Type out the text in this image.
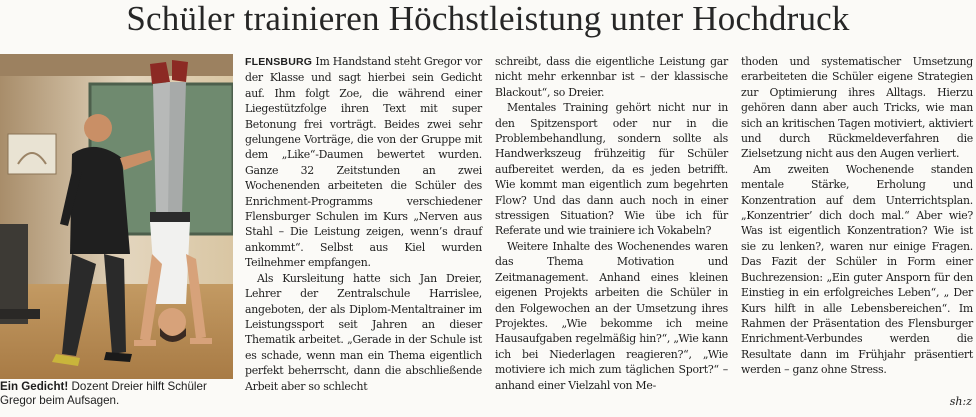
Schüler trainieren Höchstleistung unter Hochdruck
Ein Gedicht! Dozent Dreier hilft Schüler Gregor beim Aufsagen.

FLENSBURG Im Handstand steht Gregor vor der Klasse und sagt hierbei sein Gedicht auf. Ihm folgt Zoe, die während einer Liegestützfolge ihren Text mit super Betonung frei vorträgt. Beides zwei sehr gelungene Vorträge, die von der Gruppe mit dem „Like“-Daumen bewertet wurden. Ganze 32 Zeitstunden an zwei Wochenenden arbeiteten die Schüler des Enrichment-Programms verschiedener Flensburger Schulen im Kurs „Nerven aus Stahl – Die Leistung zeigen, wenn’s drauf ankommt“. Selbst aus Kiel wurden Teilnehmer empfangen.

Als Kursleitung hatte sich Jan Dreier, Lehrer der Zentralschule Harrislee, angeboten, der als Diplom-Mentaltrainer im Leistungssport seit Jahren an dieser Thematik arbeitet. „Gerade in der Schule ist es schade, wenn man ein Thema eigentlich perfekt beherrscht, dann die abschließende Arbeit aber so schlecht

schreibt, dass die eigentliche Leistung gar nicht mehr erkennbar ist – der klassische Blackout“, so Dreier.

Mentales Training gehört nicht nur in den Spitzensport oder nur in die Problembehandlung, sondern sollte als Handwerkszeug frühzeitig für Schüler aufbereitet werden, da es jeden betrifft. Wie kommt man eigentlich zum begehrten Flow? Und das dann auch noch in einer stressigen Situation? Wie übe ich für Referate und wie trainiere ich Vokabeln?

Weitere Inhalte des Wochenendes waren das Thema Motivation und Zeitmanagement. Anhand eines kleinen eigenen Projekts arbeiten die Schüler in den Folgewochen an der Umsetzung ihres Projektes. „Wie bekomme ich meine Hausaufgaben regelmäßig hin?“, „Wie kann ich bei Niederlagen reagieren?“, „Wie motiviere ich mich zum täglichen Sport?“ – anhand einer Vielzahl von Me-

thoden und systematischer Umsetzung erarbeiteten die Schüler eigene Strategien zur Optimierung ihres Alltags. Hierzu gehören dann aber auch Tricks, wie man sich an kritischen Tagen motiviert, aktiviert und durch Rückmeldeverfahren die Zielsetzung nicht aus den Augen verliert.

Am zweiten Wochenende standen mentale Stärke, Erholung und Konzentration auf dem Unterrichtsplan. „Konzentrier’ dich doch mal.“ Aber wie? Was ist eigentlich Konzentration? Wie ist sie zu lenken?, waren nur einige Fragen. Das Fazit der Schüler in Form einer Buchrezension: „Ein guter Ansporn für den Einstieg in ein erfolgreiches Leben“, „ Der Kurs hilft in alle Lebensbereichen“. Im Rahmen der Präsentation des Flensburger Enrichment-Verbundes werden die Resultate dann im Frühjahr präsentiert werden – ganz ohne Stress.

sh:z
